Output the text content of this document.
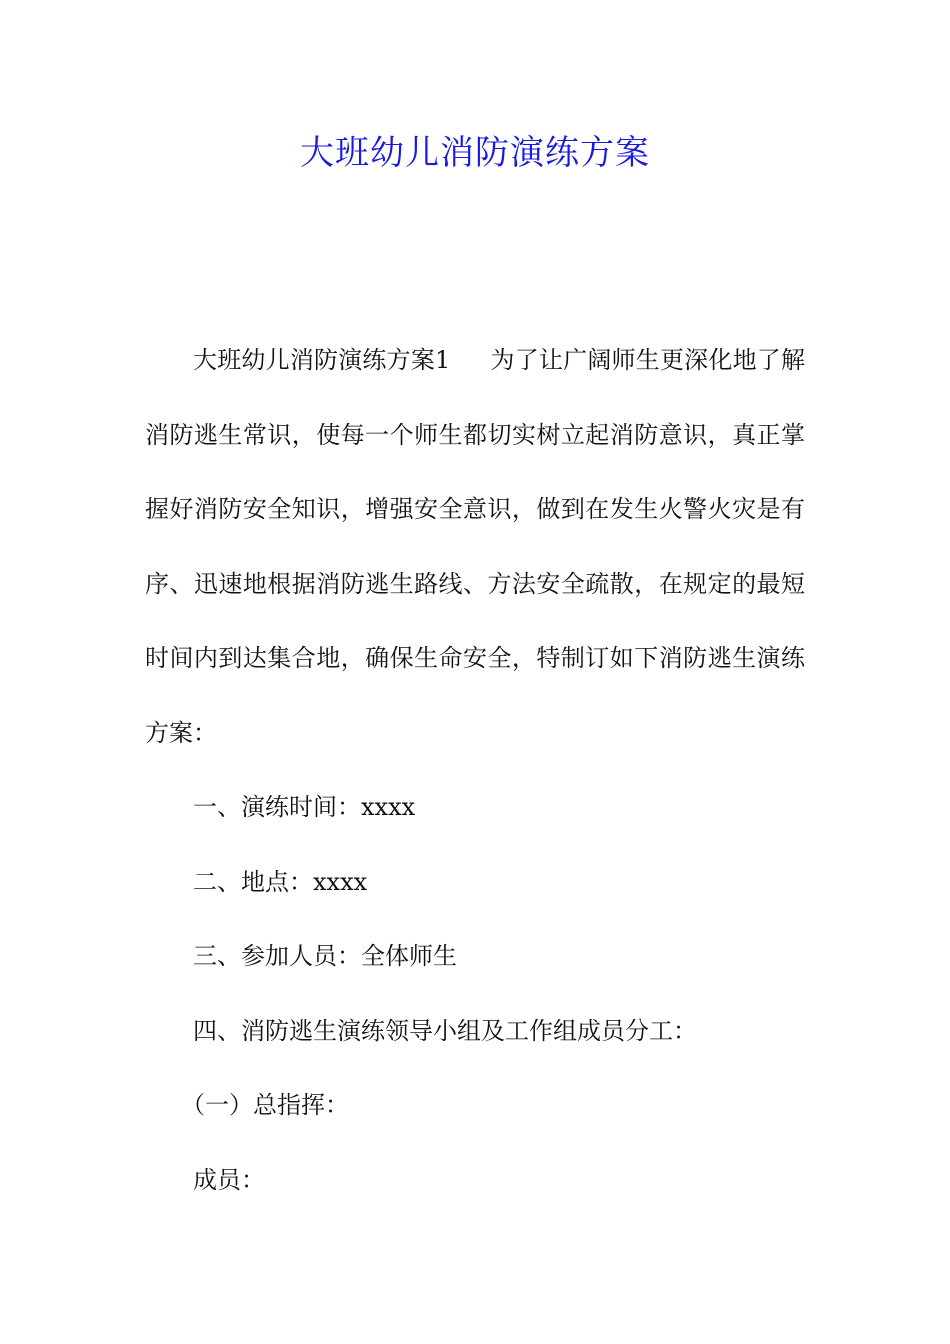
大班幼儿消防演练方案

大班幼儿消防演练方案1 为了让广阔师生更深化地了解消防逃生常识，使每一个师生都切实树立起消防意识，真正掌握好消防安全知识，增强安全意识，做到在发生火警火灾是有序、迅速地根据消防逃生路线、方法安全疏散，在规定的最短时间内到达集合地，确保生命安全，特制订如下消防逃生演练方案：

一、演练时间：xxxx

二、地点：xxxx

三、参加人员：全体师生

四、消防逃生演练领导小组及工作组成员分工：

（一）总指挥：

成员：
